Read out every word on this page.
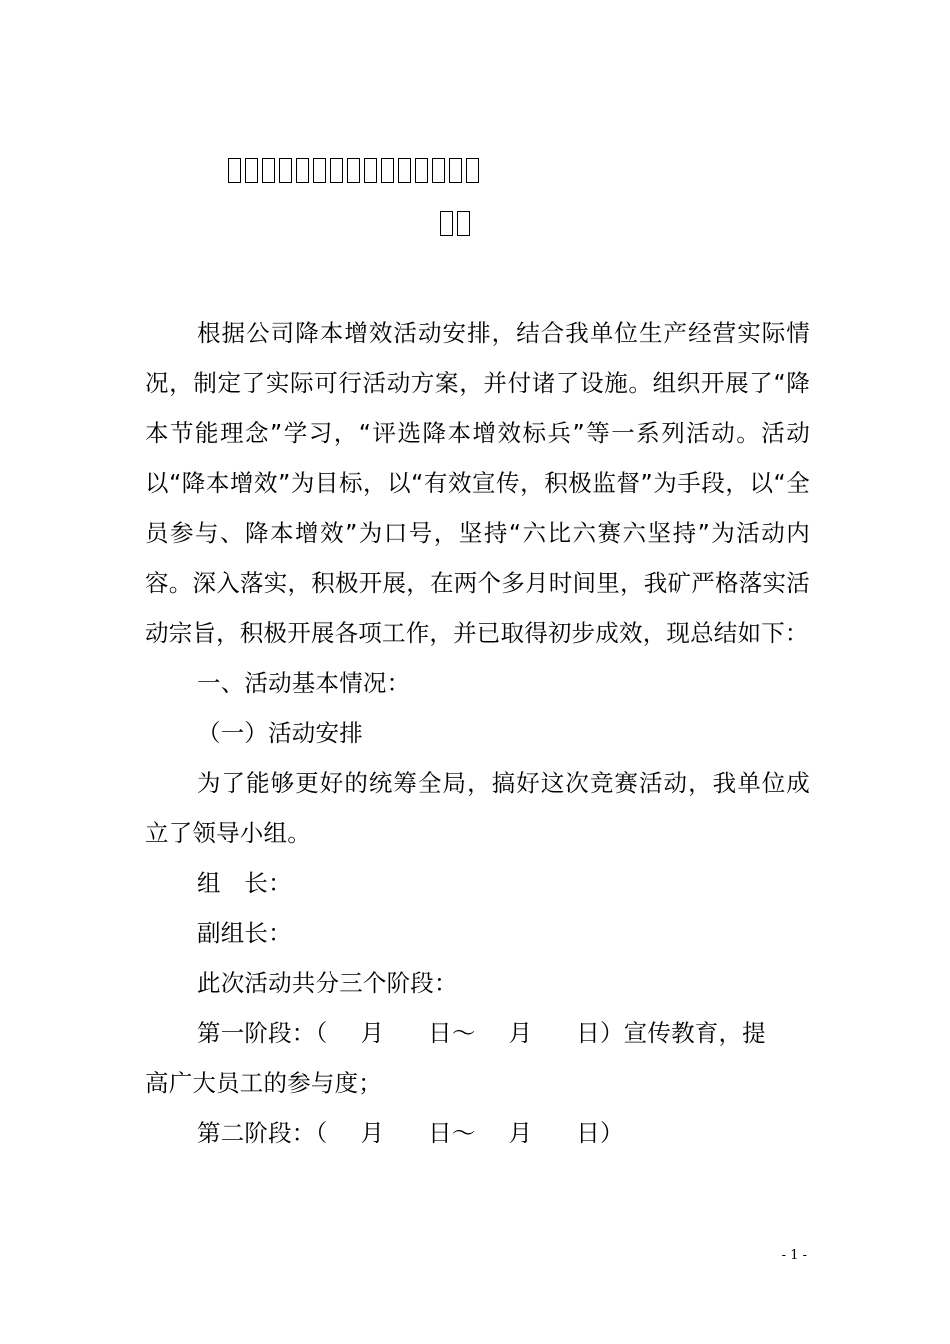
根据公司降本增效活动安排，结合我单位生产经营实际情况，制定了实际可行活动方案，并付诸了设施。组织开展了“降本节能理念”学习，“评选降本增效标兵”等一系列活动。活动以“降本增效”为目标，以“有效宣传，积极监督”为手段，以“全员参与、降本增效”为口号，坚持“六比六赛六坚持”为活动内容。深入落实，积极开展，在两个多月时间里，我矿严格落实活动宗旨，积极开展各项工作，并已取得初步成效，现总结如下：

一、活动基本情况：

（一）活动安排

为了能够更好的统筹全局，搞好这次竞赛活动，我单位成立了领导小组。

组　长：

副组长：

此次活动共分三个阶段：

第一阶段：（ 月 日～ 月 日）宣传教育，提
高广大员工的参与度；
第二阶段：（ 月 日～ 月 日）
- 1 -
